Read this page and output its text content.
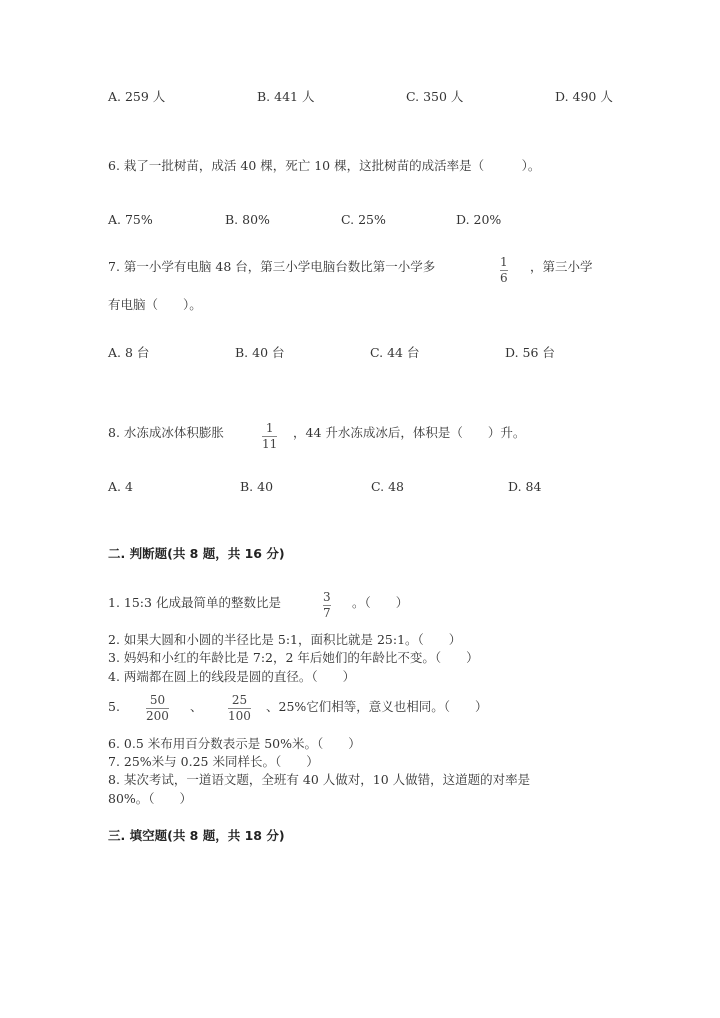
A. 259 人	B. 441 人	C. 350 人	D. 490 人
6. 栽了一批树苗，成活 40 棵，死亡 10 棵，这批树苗的成活率是（　　　）。
A. 75%	B. 80%	C. 25%	D. 20%
7. 第一小学有电脑 48 台，第三小学电脑台数比第一小学多	1
6
，第三小学
有电脑（　　）。
A. 8 台	B. 40 台	C. 44 台	D. 56 台
8. 水冻成冰体积膨胀	1
11
，44 升水冻成冰后，体积是（　　）升。
A. 4	B. 40	C. 48	D. 84
二. 判断题(共 8 题，共 16 分)
1. 15:3 化成最简单的整数比是	3
7
。（　　）
2. 如果大圆和小圆的半径比是 5:1，面积比就是 25:1。（　　）
3. 妈妈和小红的年龄比是 7:2，2 年后她们的年龄比不变。（　　）
4. 两端都在圆上的线段是圆的直径。（　　）
5. 50
200
、 25
100
、25%它们相等，意义也相同。（　　）
6. 0.5 米布用百分数表示是 50%米。（　　）
7. 25%米与 0.25 米同样长。（　　）
8. 某次考试，一道语文题，全班有 40 人做对，10 人做错，这道题的对率是
80%。（　　）
三. 填空题(共 8 题，共 18 分)
